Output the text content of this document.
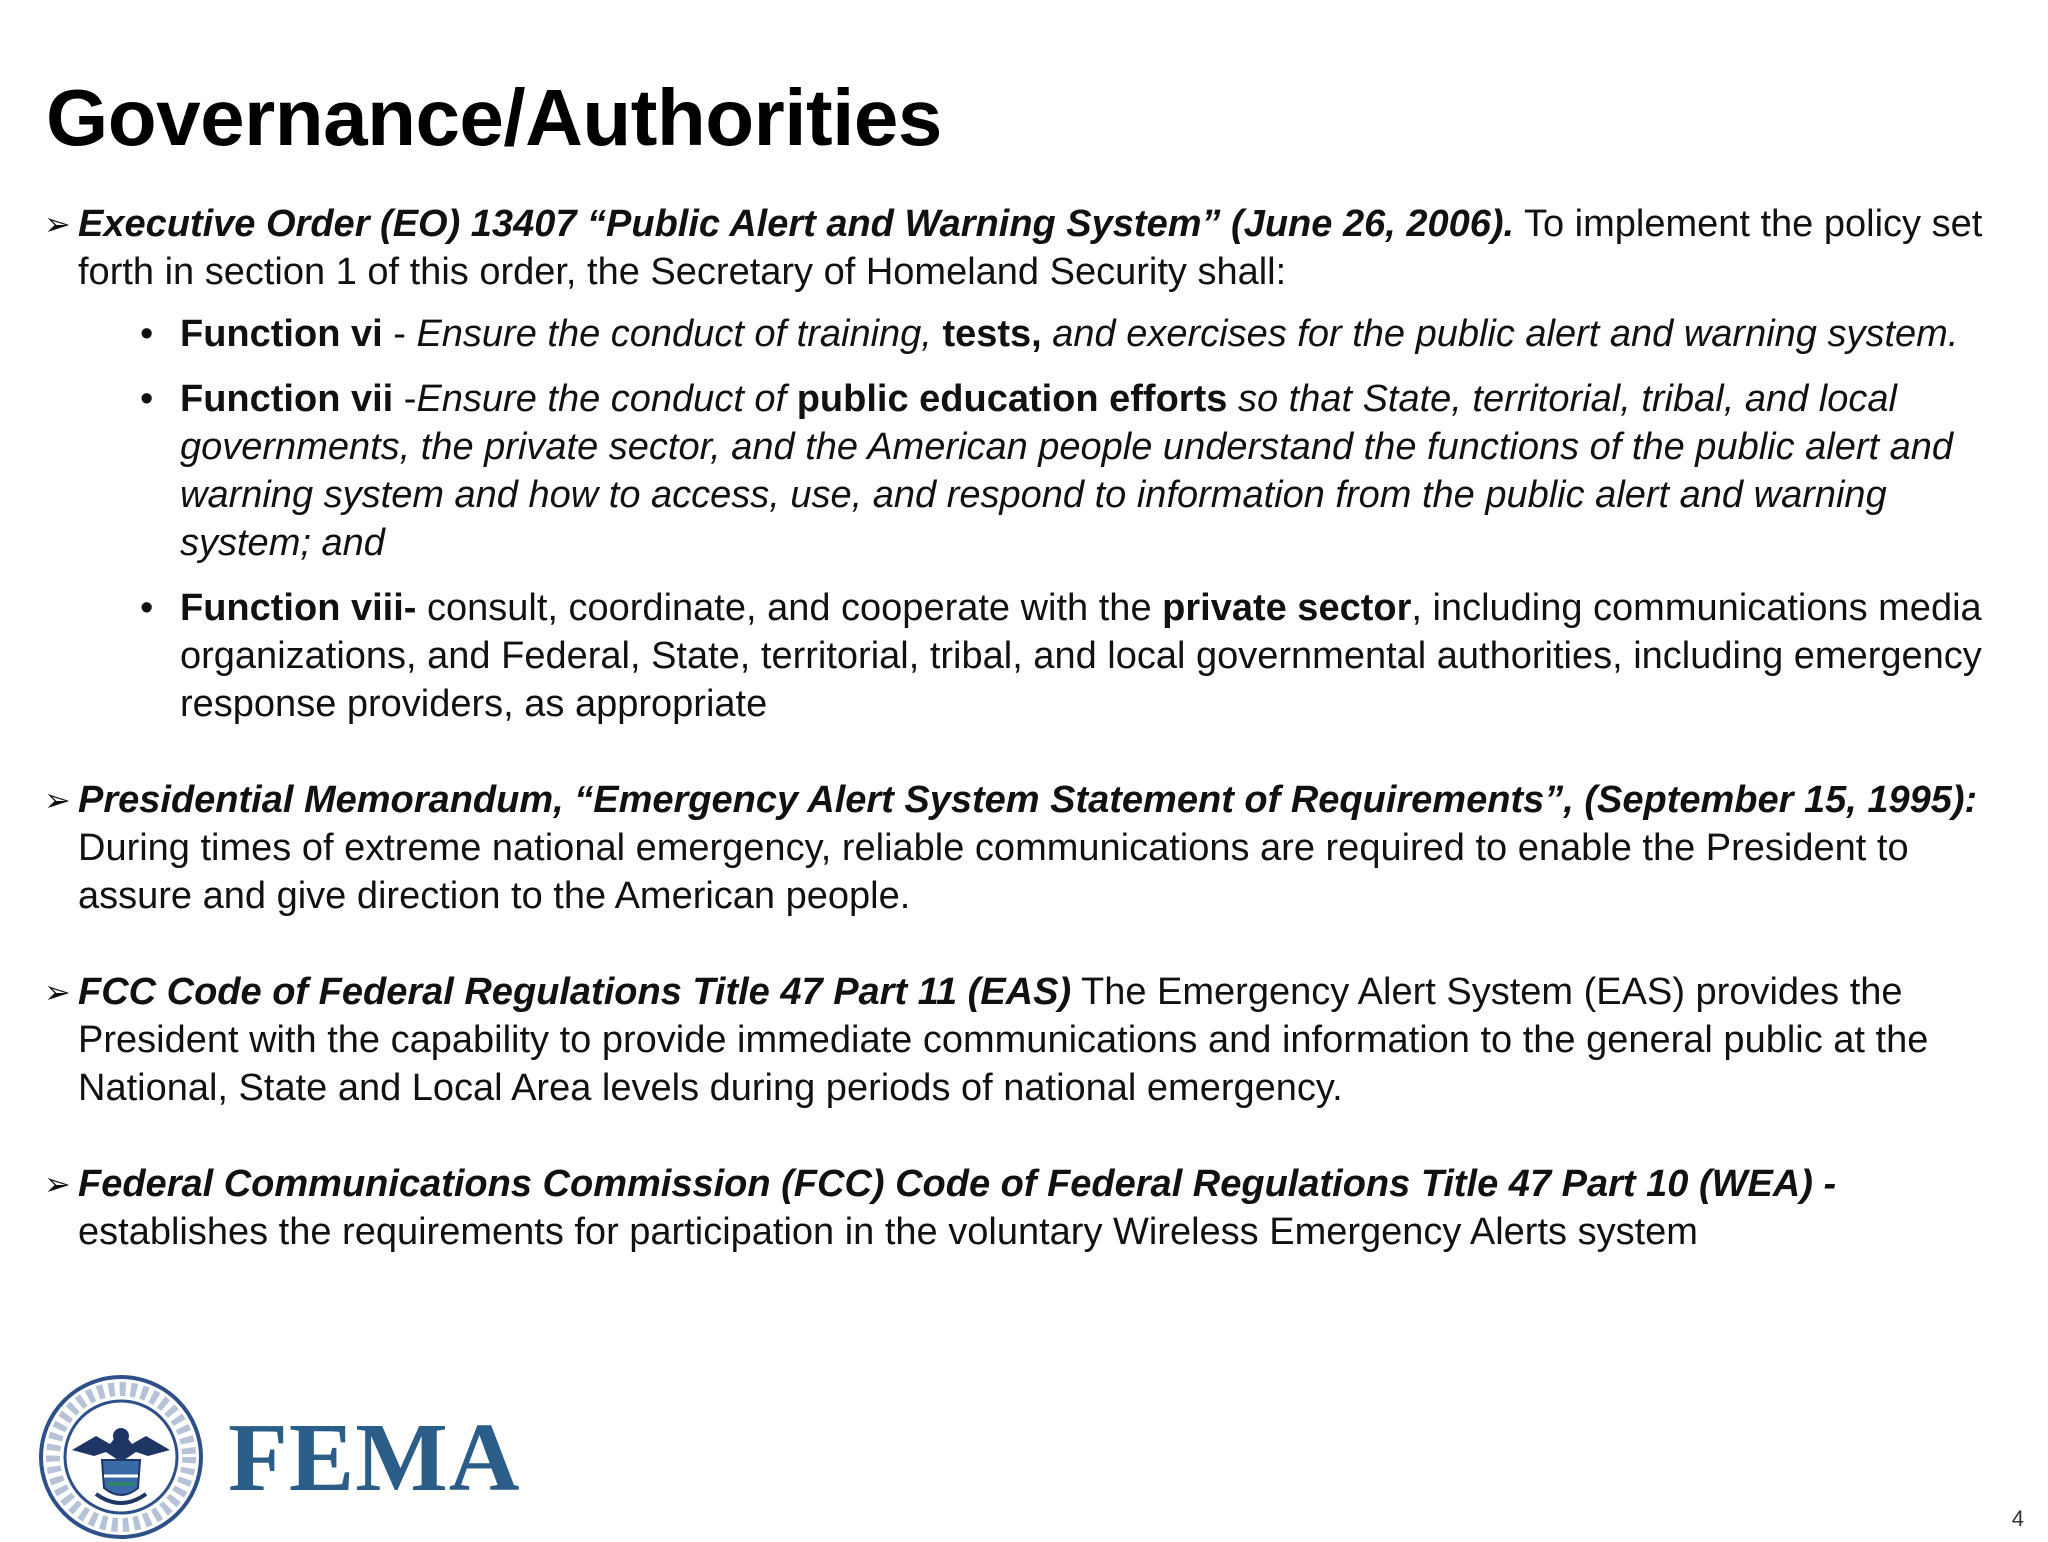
Governance/Authorities
➢ Executive Order (EO) 13407 “Public Alert and Warning System” (June 26, 2006). To implement the policy set forth in section 1 of this order, the Secretary of Homeland Security shall:
• Function vi - Ensure the conduct of training, tests, and exercises for the public alert and warning system.
• Function vii -Ensure the conduct of public education efforts so that State, territorial, tribal, and local governments, the private sector, and the American people understand the functions of the public alert and warning system and how to access, use, and respond to information from the public alert and warning system; and
• Function viii- consult, coordinate, and cooperate with the private sector, including communications media organizations, and Federal, State, territorial, tribal, and local governmental authorities, including emergency response providers, as appropriate
➢ Presidential Memorandum, “Emergency Alert System Statement of Requirements”, (September 15, 1995): During times of extreme national emergency, reliable communications are required to enable the President to assure and give direction to the American people.
➢ FCC Code of Federal Regulations Title 47 Part 11 (EAS) The Emergency Alert System (EAS) provides the President with the capability to provide immediate communications and information to the general public at the National, State and Local Area levels during periods of national emergency.
➢ Federal Communications Commission (FCC) Code of Federal Regulations Title 47 Part 10 (WEA) - establishes the requirements for participation in the voluntary Wireless Emergency Alerts system
FEMA
4
